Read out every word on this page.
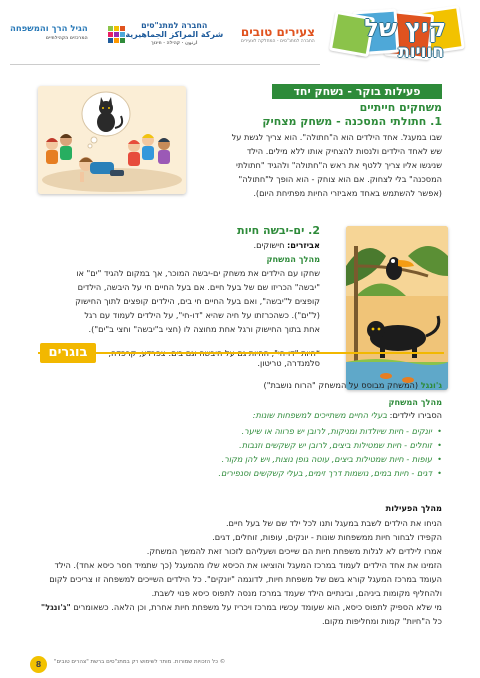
קיץ של
חוויות
צעירים טובים
החברה למתנ"סים - המחלקה לצעירים
החברה למתנ"סים
شركة المراكز الجماهيرية
ارتون · קהילה · חינוך
הגיל הרך והמשפחה
המרכזים הקהילתיים
פעילות בוקר - נשחק יחד
משחקים חייתיים
1. חתולתי המסכנה - משחק מצחיק

שבו במעגל. אחד הילדים הוא ה"חתולה". הוא צריך לגשת על שש לאחד הילדים ולנסות להצחיק אותו ללא מילים. הילד שניגשו אליו צריך ללטף את ראש ה"חתולה" ולהגיד "חתולתי המסכנה" בלי לצחוק. אם הוא צוחק - הוא הופך ל"חתולה" (אפשר להשתמש באחד מאביזרי החיות מפתיחת היום).

2. ים-יבשה חיות
אביזרים: חישוקים.
מהלך המשחק

שחקו עם הילדים את משחק ים-יבשה המוכר, אך במקום להגיד "ים" או "יבשה" הכריזו שם של בעל חיים. אם בעל החיים חי על היבשה, הילדים קופצים ל"יבשה", ואם בעל החיים חי בים, הילדים קופצים לתוך החישוק (ל"ים"). כשהכרזתו על חיה שהיא "דו-חי", על הילדים לעמוד עם רגל אחת בתוך החישוק ורגל אחת מחוצה לו (חצי ב"יבשה" וחצי ב"ים").

סלמנדרה, טריטון.

בוגרים
ג'ונגל (המשחק מבוסס על המשחק "הרוח נושבת")
מהלך המשחק
הסבירו לילדים: בעלי החיים משתייכים למשפחות שונות:
• יונקים - חיות שיולדות ומניקות, לרובן יש פרווה או שיער.
• זוחלים - חיות שמטילות ביצים, לרובן יש קשקשים וזנבות.
• עופות - חיות שמטילות ביצים, עוטה גופן נוצות, ויש להן מקור.
• דגים - חיות במים, נושמות דרך זימים, בעלי קשקשים וסנפירים.
מהלך הפעילות
הניחו את הילדים לשבת במעגל ותנו לכל ילד שם של בעל חיים.
הקפידו לבחור חיות ממשפחות שונות - יונקים, עופות, זוחלים, דגים.
אמרו לילדים לא לגלות משפחת חיות הם שייכים ושעליהם לזכור זאת להמשך המשחק.
הזמינו את אחד הילדים לעמוד במרכז המעגל והוציאו את הכיסא שלו מהמעגל (כך שתמיד חסר כיסא אחד). הילד העומד במרכז המעגל קורא בשם של משפחת חיות, לדוגמה "יונקים". כל הילדים השייכים למשפחה זו צריכים לקום ולהחליף מקומות ביניהם, ובינתיים הילד שעמד במרכז מנסה לתפוס כיסא פנוי לשבת.
מי שלא הספיק לתפוס כיסא, הוא שעומד עכשיו במרכז ויכריז על משפחת חיות אחרת, וכן הלאה. כשאומרים "ג'ונגל" כל ה"חיות" קמות ומחליפות מקום.
8	© כל הזכויות שמורות. מותר לשימוש רק במתנ"סים ברשת "צהרים טובים"
